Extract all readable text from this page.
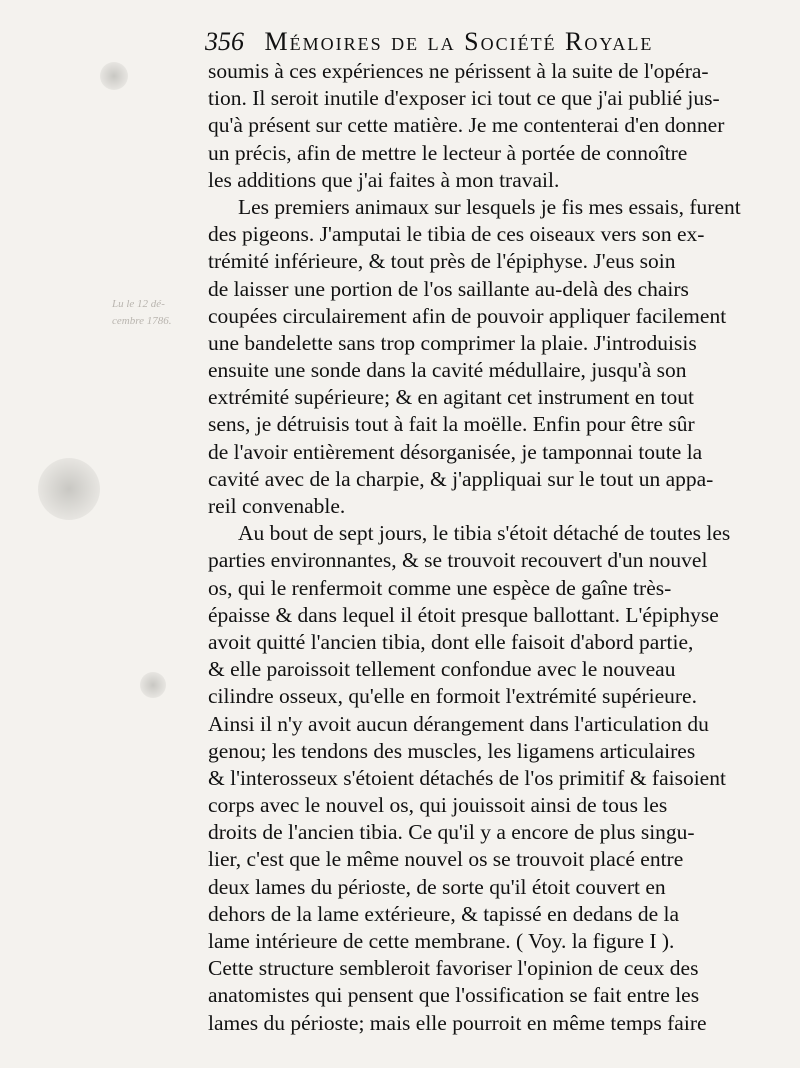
356 Mémoires de la Société Royale
Lu le 12 dé-
cembre 1786.
soumis à ces expériences ne périssent à la suite de l'opéra-
tion. Il seroit inutile d'exposer ici tout ce que j'ai publié jus-
qu'à présent sur cette matière. Je me contenterai d'en donner
un précis, afin de mettre le lecteur à portée de connoître
les additions que j'ai faites à mon travail.
Les premiers animaux sur lesquels je fis mes essais, furent
des pigeons. J'amputai le tibia de ces oiseaux vers son ex-
trémité inférieure, & tout près de l'épiphyse. J'eus soin
de laisser une portion de l'os saillante au-delà des chairs
coupées circulairement afin de pouvoir appliquer facilement
une bandelette sans trop comprimer la plaie. J'introduisis
ensuite une sonde dans la cavité médullaire, jusqu'à son
extrémité supérieure; & en agitant cet instrument en tout
sens, je détruisis tout à fait la moëlle. Enfin pour être sûr
de l'avoir entièrement désorganisée, je tamponnai toute la
cavité avec de la charpie, & j'appliquai sur le tout un appa-
reil convenable.
Au bout de sept jours, le tibia s'étoit détaché de toutes les
parties environnantes, & se trouvoit recouvert d'un nouvel
os, qui le renfermoit comme une espèce de gaîne très-
épaisse & dans lequel il étoit presque ballottant. L'épiphyse
avoit quitté l'ancien tibia, dont elle faisoit d'abord partie,
& elle paroissoit tellement confondue avec le nouveau
cilindre osseux, qu'elle en formoit l'extrémité supérieure.
Ainsi il n'y avoit aucun dérangement dans l'articulation du
genou; les tendons des muscles, les ligamens articulaires
& l'interosseux s'étoient détachés de l'os primitif & faisoient
corps avec le nouvel os, qui jouissoit ainsi de tous les
droits de l'ancien tibia. Ce qu'il y a encore de plus singu-
lier, c'est que le même nouvel os se trouvoit placé entre
deux lames du périoste, de sorte qu'il étoit couvert en
dehors de la lame extérieure, & tapissé en dedans de la
lame intérieure de cette membrane. ( Voy. la figure I ).
Cette structure sembleroit favoriser l'opinion de ceux des
anatomistes qui pensent que l'ossification se fait entre les
lames du périoste; mais elle pourroit en même temps faire
